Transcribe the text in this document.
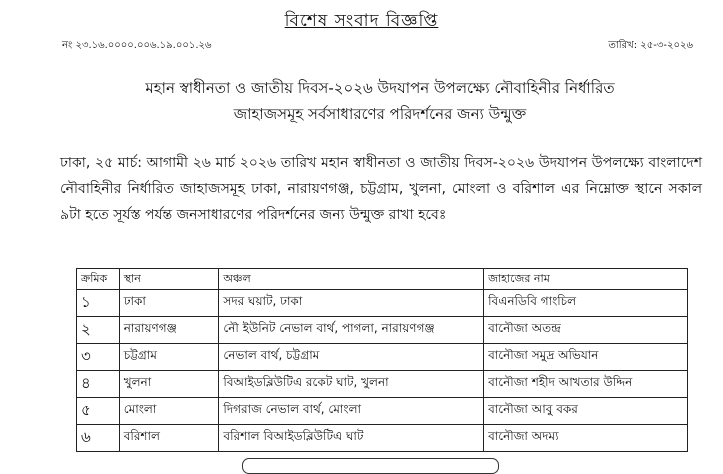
বিশেষ সংবাদ বিজ্ঞপ্তি
নং ২৩.১৬.০০০০.০০৬.১৯.০০১.২৬	তারিখ: ২৫-৩-২০২৬
মহান স্বাধীনতা ও জাতীয় দিবস-২০২৬ উদযাপন উপলক্ষ্যে নৌবাহিনীর নির্ধারিত
জাহাজসমূহ সর্বসাধারণের পরিদর্শনের জন্য উন্মুক্ত
ঢাকা, ২৫ মার্চ: আগামী ২৬ মার্চ ২০২৬ তারিখ মহান স্বাধীনতা ও জাতীয় দিবস-২০২৬ উদযাপন উপলক্ষ্যে বাংলাদেশ নৌবাহিনীর নির্ধারিত জাহাজসমূহ ঢাকা, নারায়ণগঞ্জ, চট্টগ্রাম, খুলনা, মোংলা ও বরিশাল এর নিম্নোক্ত স্থানে সকাল ৯টা হতে সূর্যস্ত পর্যন্ত জনসাধারণের পরিদর্শনের জন্য উন্মুক্ত রাখা হবেঃ
ক্রমিক	স্থান	অঞ্চল	জাহাজের নাম
১	ঢাকা	সদর ঘয়াট, ঢাকা	বিএনডিবি গাংচিল
২	নারায়ণগঞ্জ	নৌ ইউনিট নেভাল বার্থ, পাগলা, নারায়ণগঞ্জ	বানৌজা অতন্দ্র
৩	চট্টগ্রাম	নেভাল বার্থ, চট্টগ্রাম	বানৌজা সমুদ্র অভিযান
৪	খুলনা	বিআইডব্লিউটিএ রকেট ঘাট, খুলনা	বানৌজা শহীদ আখতার উদ্দিন
৫	মোংলা	দিগরাজ নেভাল বার্থ, মোংলা	বানৌজা আবু বকর
৬	বরিশাল	বরিশাল বিআইডব্লিউটিএ ঘাট	বানৌজা অদম্য
